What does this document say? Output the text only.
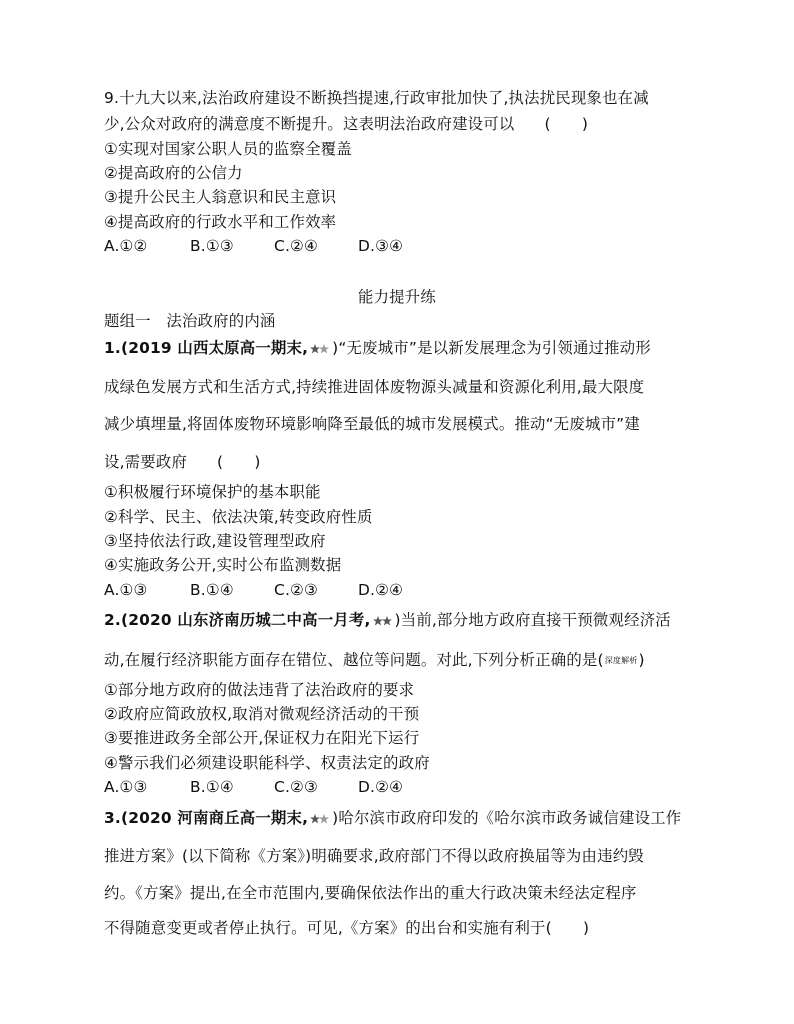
9.十九大以来,法治政府建设不断换挡提速,行政审批加快了,执法扰民现象也在减
少,公众对政府的满意度不断提升。这表明法治政府建设可以 (　　)
①实现对国家公职人员的监察全覆盖
②提高政府的公信力
③提升公民主人翁意识和民主意识
④提高政府的行政水平和工作效率
A.①②	B.①③	C.②④	D.③④
能力提升练
题组一　法治政府的内涵
1.(2019 山西太原高一期末, )“无废城市”是以新发展理念为引领通过推动形
成绿色发展方式和生活方式,持续推进固体废物源头减量和资源化利用,最大限度
减少填埋量,将固体废物环境影响降至最低的城市发展模式。推动“无废城市”建
设,需要政府 (　　)
①积极履行环境保护的基本职能
②科学、民主、依法决策,转变政府性质
③坚持依法行政,建设管理型政府
④实施政务公开,实时公布监测数据
A.①③	B.①④	C.②③	D.②④
2.(2020 山东济南历城二中高一月考, )当前,部分地方政府直接干预微观经济活
动,在履行经济职能方面存在错位、越位等问题。对此,下列分析正确的是(深度解析)
①部分地方政府的做法违背了法治政府的要求
②政府应简政放权,取消对微观经济活动的干预
③要推进政务全部公开,保证权力在阳光下运行
④警示我们必须建设职能科学、权责法定的政府
A.①③	B.①④	C.②③	D.②④
3.(2020 河南商丘高一期末, )哈尔滨市政府印发的《哈尔滨市政务诚信建设工作
推进方案》(以下简称《方案》)明确要求,政府部门不得以政府换届等为由违约毁
约。《方案》提出,在全市范围内,要确保依法作出的重大行政决策未经法定程序
不得随意变更或者停止执行。可见,《方案》的出台和实施有利于(　　)
